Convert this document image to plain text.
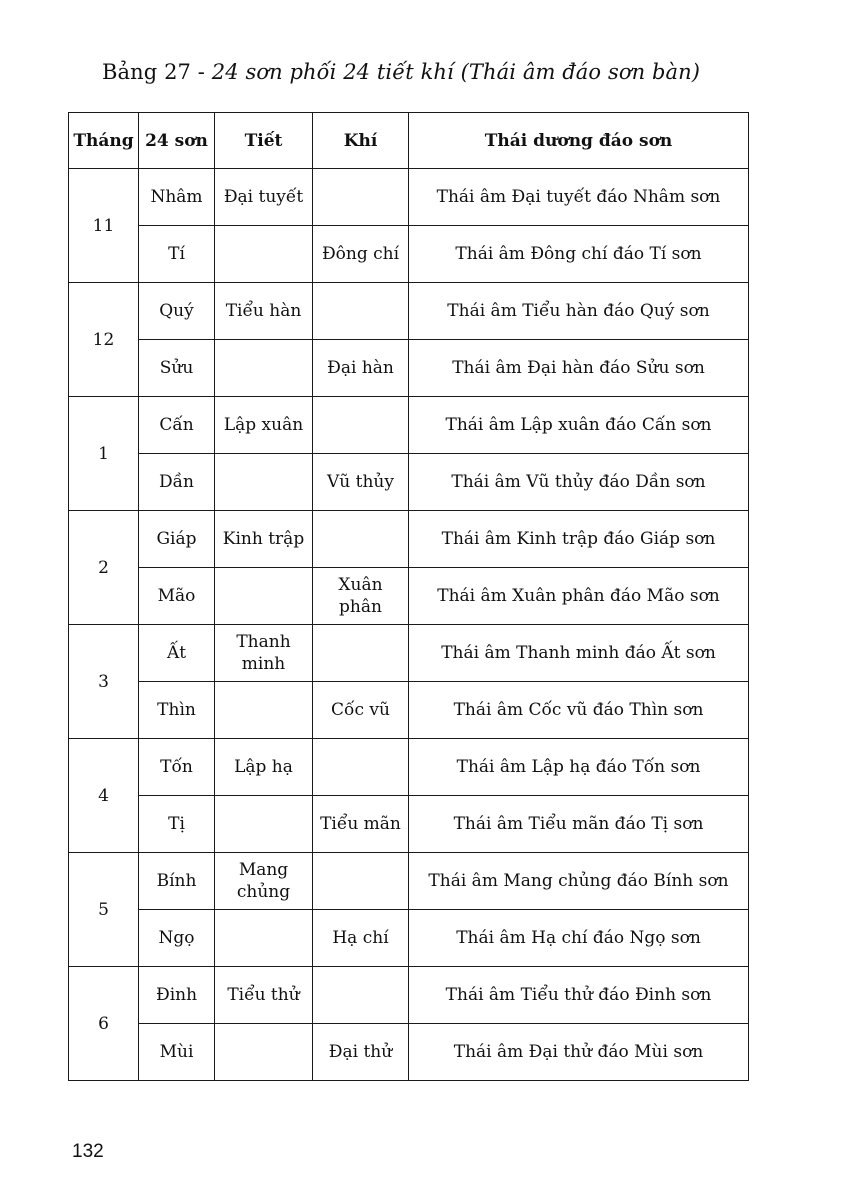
Bảng 27 - 24 sơn phối 24 tiết khí (Thái âm đáo sơn bàn)
Tháng	24 sơn	Tiết	Khí	Thái dương đáo sơn
11	Nhâm	Đại tuyết		Thái âm Đại tuyết đáo Nhâm sơn
	Tí		Đông chí	Thái âm Đông chí đáo Tí sơn
12	Quý	Tiểu hàn		Thái âm Tiểu hàn đáo Quý sơn
	Sửu		Đại hàn	Thái âm Đại hàn đáo Sửu sơn
1	Cấn	Lập xuân		Thái âm Lập xuân đáo Cấn sơn
	Dần		Vũ thủy	Thái âm Vũ thủy đáo Dần sơn
2	Giáp	Kinh trập		Thái âm Kinh trập đáo Giáp sơn
	Mão		Xuân phân	Thái âm Xuân phân đáo Mão sơn
3	Ất	Thanh minh		Thái âm Thanh minh đáo Ất sơn
	Thìn		Cốc vũ	Thái âm Cốc vũ đáo Thìn sơn
4	Tốn	Lập hạ		Thái âm Lập hạ đáo Tốn sơn
	Tị		Tiểu mãn	Thái âm Tiểu mãn đáo Tị sơn
5	Bính	Mang chủng		Thái âm Mang chủng đáo Bính sơn
	Ngọ		Hạ chí	Thái âm Hạ chí đáo Ngọ sơn
6	Đinh	Tiểu thử		Thái âm Tiểu thử đáo Đinh sơn
	Mùi		Đại thử	Thái âm Đại thử đáo Mùi sơn
132
